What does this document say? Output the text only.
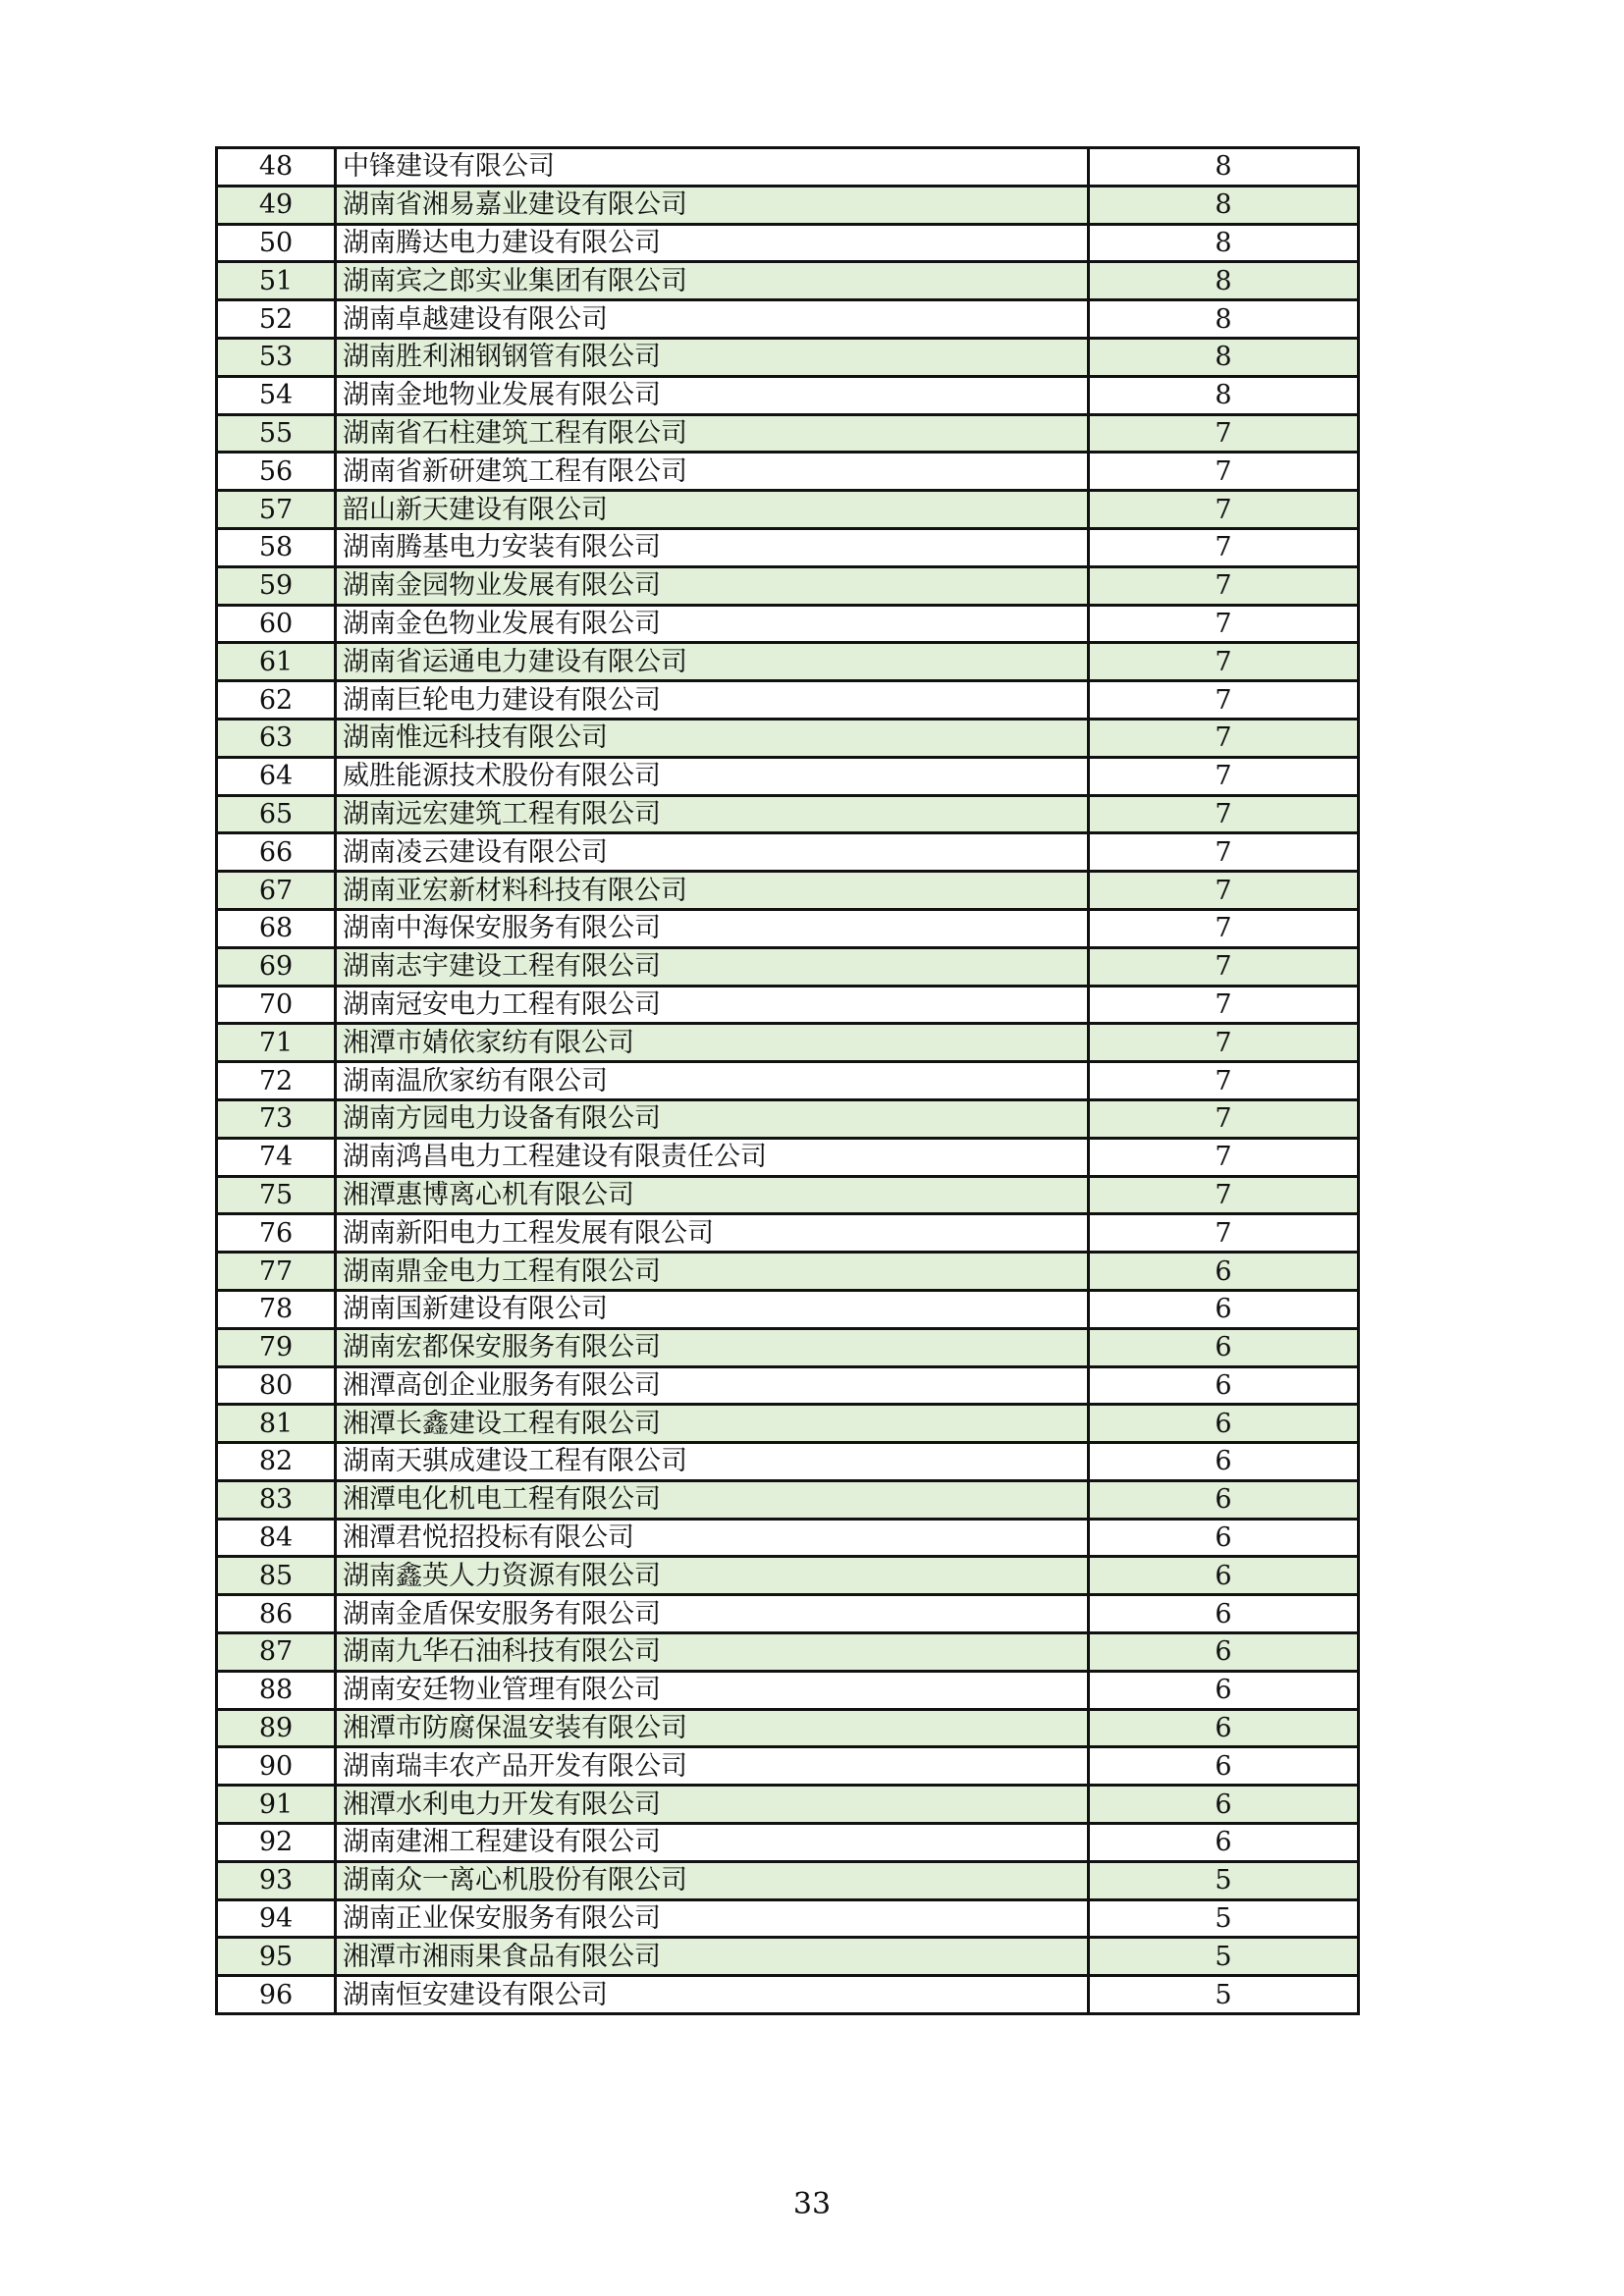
48	中锋建设有限公司	8
49	湖南省湘易嘉业建设有限公司	8
50	湖南腾达电力建设有限公司	8
51	湖南宾之郎实业集团有限公司	8
52	湖南卓越建设有限公司	8
53	湖南胜利湘钢钢管有限公司	8
54	湖南金地物业发展有限公司	8
55	湖南省石柱建筑工程有限公司	7
56	湖南省新研建筑工程有限公司	7
57	韶山新天建设有限公司	7
58	湖南腾基电力安装有限公司	7
59	湖南金园物业发展有限公司	7
60	湖南金色物业发展有限公司	7
61	湖南省运通电力建设有限公司	7
62	湖南巨轮电力建设有限公司	7
63	湖南惟远科技有限公司	7
64	威胜能源技术股份有限公司	7
65	湖南远宏建筑工程有限公司	7
66	湖南凌云建设有限公司	7
67	湖南亚宏新材料科技有限公司	7
68	湖南中海保安服务有限公司	7
69	湖南志宇建设工程有限公司	7
70	湖南冠安电力工程有限公司	7
71	湘潭市婧依家纺有限公司	7
72	湖南温欣家纺有限公司	7
73	湖南方园电力设备有限公司	7
74	湖南鸿昌电力工程建设有限责任公司	7
75	湘潭惠博离心机有限公司	7
76	湖南新阳电力工程发展有限公司	7
77	湖南鼎金电力工程有限公司	6
78	湖南国新建设有限公司	6
79	湖南宏都保安服务有限公司	6
80	湘潭高创企业服务有限公司	6
81	湘潭长鑫建设工程有限公司	6
82	湖南天骐成建设工程有限公司	6
83	湘潭电化机电工程有限公司	6
84	湘潭君悦招投标有限公司	6
85	湖南鑫英人力资源有限公司	6
86	湖南金盾保安服务有限公司	6
87	湖南九华石油科技有限公司	6
88	湖南安廷物业管理有限公司	6
89	湘潭市防腐保温安装有限公司	6
90	湖南瑞丰农产品开发有限公司	6
91	湘潭水利电力开发有限公司	6
92	湖南建湘工程建设有限公司	6
93	湖南众一离心机股份有限公司	5
94	湖南正业保安服务有限公司	5
95	湘潭市湘雨果食品有限公司	5
96	湖南恒安建设有限公司	5
33
